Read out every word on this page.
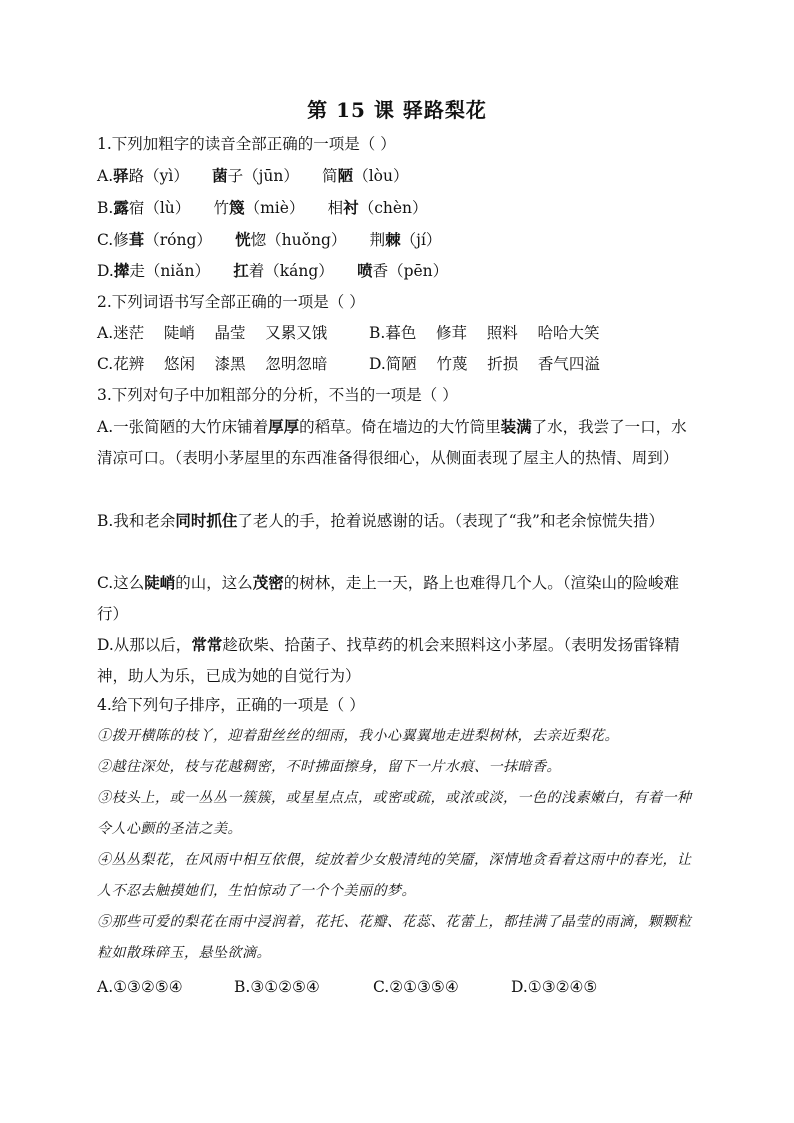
第 15 课 驿路梨花
1.下列加粗字的读音全部正确的一项是（ ）
A.驿路（yì）   菌子（jūn）   简陋（lòu）
B.露宿（lù）   竹篾（miè）   相衬（chèn）
C.修葺（róng）   恍惚（huǒng）   荆棘（jí）
D.撵走（niǎn）   扛着（káng）   喷香（pēn）
2.下列词语书写全部正确的一项是（ ）
A.迷茫    陡峭    晶莹    又累又饿	B.暮色    修茸    照料    哈哈大笑
C.花辨    悠闲    漆黑    忽明忽暗	D.简陋    竹蔑    折损    香气四溢
3.下列对句子中加粗部分的分析，不当的一项是（ ）
A.一张简陋的大竹床铺着厚厚的稻草。倚在墙边的大竹筒里装满了水，我尝了一口，水清凉可口。（表明小茅屋里的东西准备得很细心，从侧面表现了屋主人的热情、周到）
B.我和老余同时抓住了老人的手，抢着说感谢的话。（表现了“我”和老余惊慌失措）
C.这么陡峭的山，这么茂密的树林，走上一天，路上也难得几个人。（渲染山的险峻难行）
D.从那以后，常常趁砍柴、拾菌子、找草药的机会来照料这小茅屋。（表明发扬雷锋精神，助人为乐，已成为她的自觉行为）
4.给下列句子排序，正确的一项是（ ）
①拨开横陈的枝丫，迎着甜丝丝的细雨，我小心翼翼地走进梨树林，去亲近梨花。
②越往深处，枝与花越稠密，不时拂面擦身，留下一片水痕、一抹暗香。
③枝头上，或一丛丛一簇簇，或星星点点，或密或疏，或浓或淡，一色的浅素嫩白，有着一种令人心颤的圣洁之美。
④丛丛梨花，在风雨中相互依偎，绽放着少女般清纯的笑靥，深情地贪看着这雨中的春光，让人不忍去触摸她们，生怕惊动了一个个美丽的梦。
⑤那些可爱的梨花在雨中浸润着，花托、花瓣、花蕊、花蕾上，都挂满了晶莹的雨滴，颗颗粒粒如散珠碎玉，悬坠欲滴。
A.①③②⑤④	B.③①②⑤④	C.②①③⑤④	D.①③②④⑤
